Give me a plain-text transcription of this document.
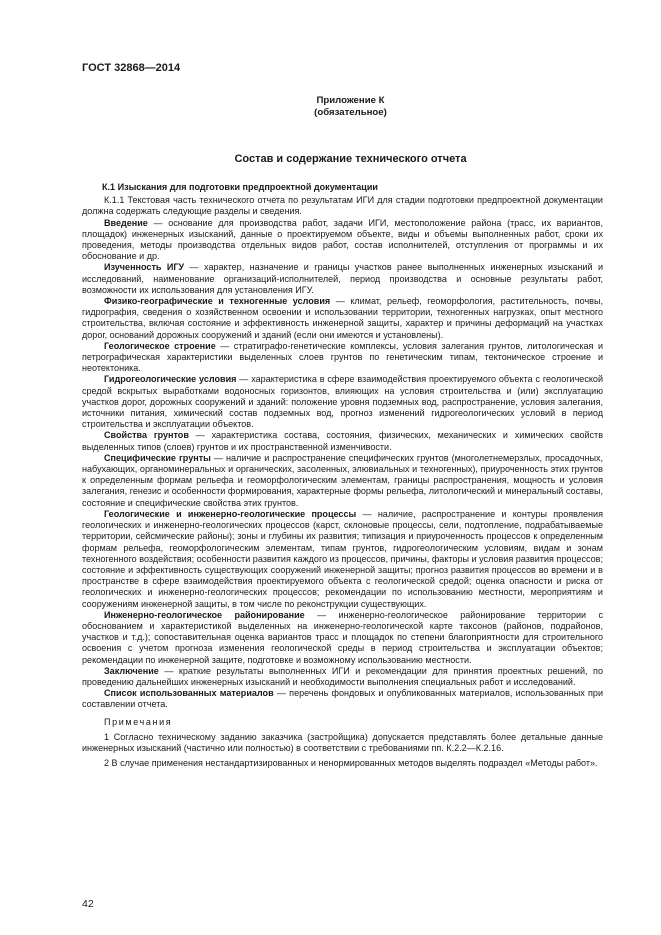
ГОСТ 32868—2014
Приложение К
(обязательное)
Состав и содержание технического отчета
К.1 Изыскания для подготовки предпроектной документации

К.1.1 Текстовая часть технического отчета по результатам ИГИ для стадии подготовки предпроектной документации должна содержать следующие разделы и сведения.

Введение — основание для производства работ, задачи ИГИ, местоположение района (трасс, их вариантов, площадок) инженерных изысканий, данные о проектируемом объекте, виды и объемы выполненных работ, сроки их проведения, методы производства отдельных видов работ, состав исполнителей, отступления от программы и их обоснование и др.

Изученность ИГУ — характер, назначение и границы участков ранее выполненных инженерных изысканий и исследований, наименование организаций-исполнителей, период производства и основные результаты работ, возможности их использования для установления ИГУ.

Физико-географические и техногенные условия — климат, рельеф, геоморфология, растительность, почвы, гидрография, сведения о хозяйственном освоении и использовании территории, техногенных нагрузках, опыт местного строительства, включая состояние и эффективность инженерной защиты, характер и причины деформаций на участках дорог, оснований дорожных сооружений и зданий (если они имеются и установлены).

Геологическое строение — стратиграфо-генетические комплексы, условия залегания грунтов, литологическая и петрографическая характеристики выделенных слоев грунтов по генетическим типам, тектоническое строение и неотектоника.

Гидрогеологические условия — характеристика в сфере взаимодействия проектируемого объекта с геологической средой вскрытых выработками водоносных горизонтов, влияющих на условия строительства и (или) эксплуатацию участков дорог, дорожных сооружений и зданий: положение уровня подземных вод, распространение, условия залегания, источники питания, химический состав подземных вод, прогноз изменений гидрогеологических условий в период строительства и эксплуатации объектов.

Свойства грунтов — характеристика состава, состояния, физических, механических и химических свойств выделенных типов (слоев) грунтов и их пространственной изменчивости.

Специфические грунты — наличие и распространение специфических грунтов (многолетнемерзлых, просадочных, набухающих, органоминеральных и органических, засоленных, элювиальных и техногенных), приуроченность этих грунтов к определенным формам рельефа и геоморфологическим элементам, границы распространения, мощность и условия залегания, генезис и особенности формирования, характерные формы рельефа, литологический и минеральный составы, состояние и специфические свойства этих грунтов.

Геологические и инженерно-геологические процессы — наличие, распространение и контуры проявления геологических и инженерно-геологических процессов (карст, склоновые процессы, сели, подтопление, подрабатываемые территории, сейсмические районы); зоны и глубины их развития; типизация и приуроченность процессов к определенным формам рельефа, геоморфологическим элементам, типам грунтов, гидрогеологическим условиям, видам и зонам техногенного воздействия; особенности развития каждого из процессов, причины, факторы и условия развития процессов; состояние и эффективность существующих сооружений инженерной защиты; прогноз развития процессов во времени и в пространстве в сфере взаимодействия проектируемого объекта с геологической средой; оценка опасности и риска от геологических и инженерно-геологических процессов; рекомендации по использованию местности, мероприятиям и сооружениям инженерной защиты, в том числе по реконструкции существующих.

Инженерно-геологическое районирование — инженерно-геологическое районирование территории с обоснованием и характеристикой выделенных на инженерно-геологической карте таксонов (районов, подрайонов, участков и т.д.); сопоставительная оценка вариантов трасс и площадок по степени благоприятности для строительного освоения с учетом прогноза изменения геологической среды в период строительства и эксплуатации объектов; рекомендации по инженерной защите, подготовке и возможному использованию местности.

Заключение — краткие результаты выполненных ИГИ и рекомендации для принятия проектных решений, по проведению дальнейших инженерных изысканий и необходимости выполнения специальных работ и исследований.

Список использованных материалов — перечень фондовых и опубликованных материалов, использованных при составлении отчета.

Примечания

1 Согласно техническому заданию заказчика (застройщика) допускается представлять более детальные данные инженерных изысканий (частично или полностью) в соответствии с требованиями пп. К.2.2—К.2.16.

2 В случае применения нестандартизированных и ненормированных методов выделять подраздел «Методы работ».

42
